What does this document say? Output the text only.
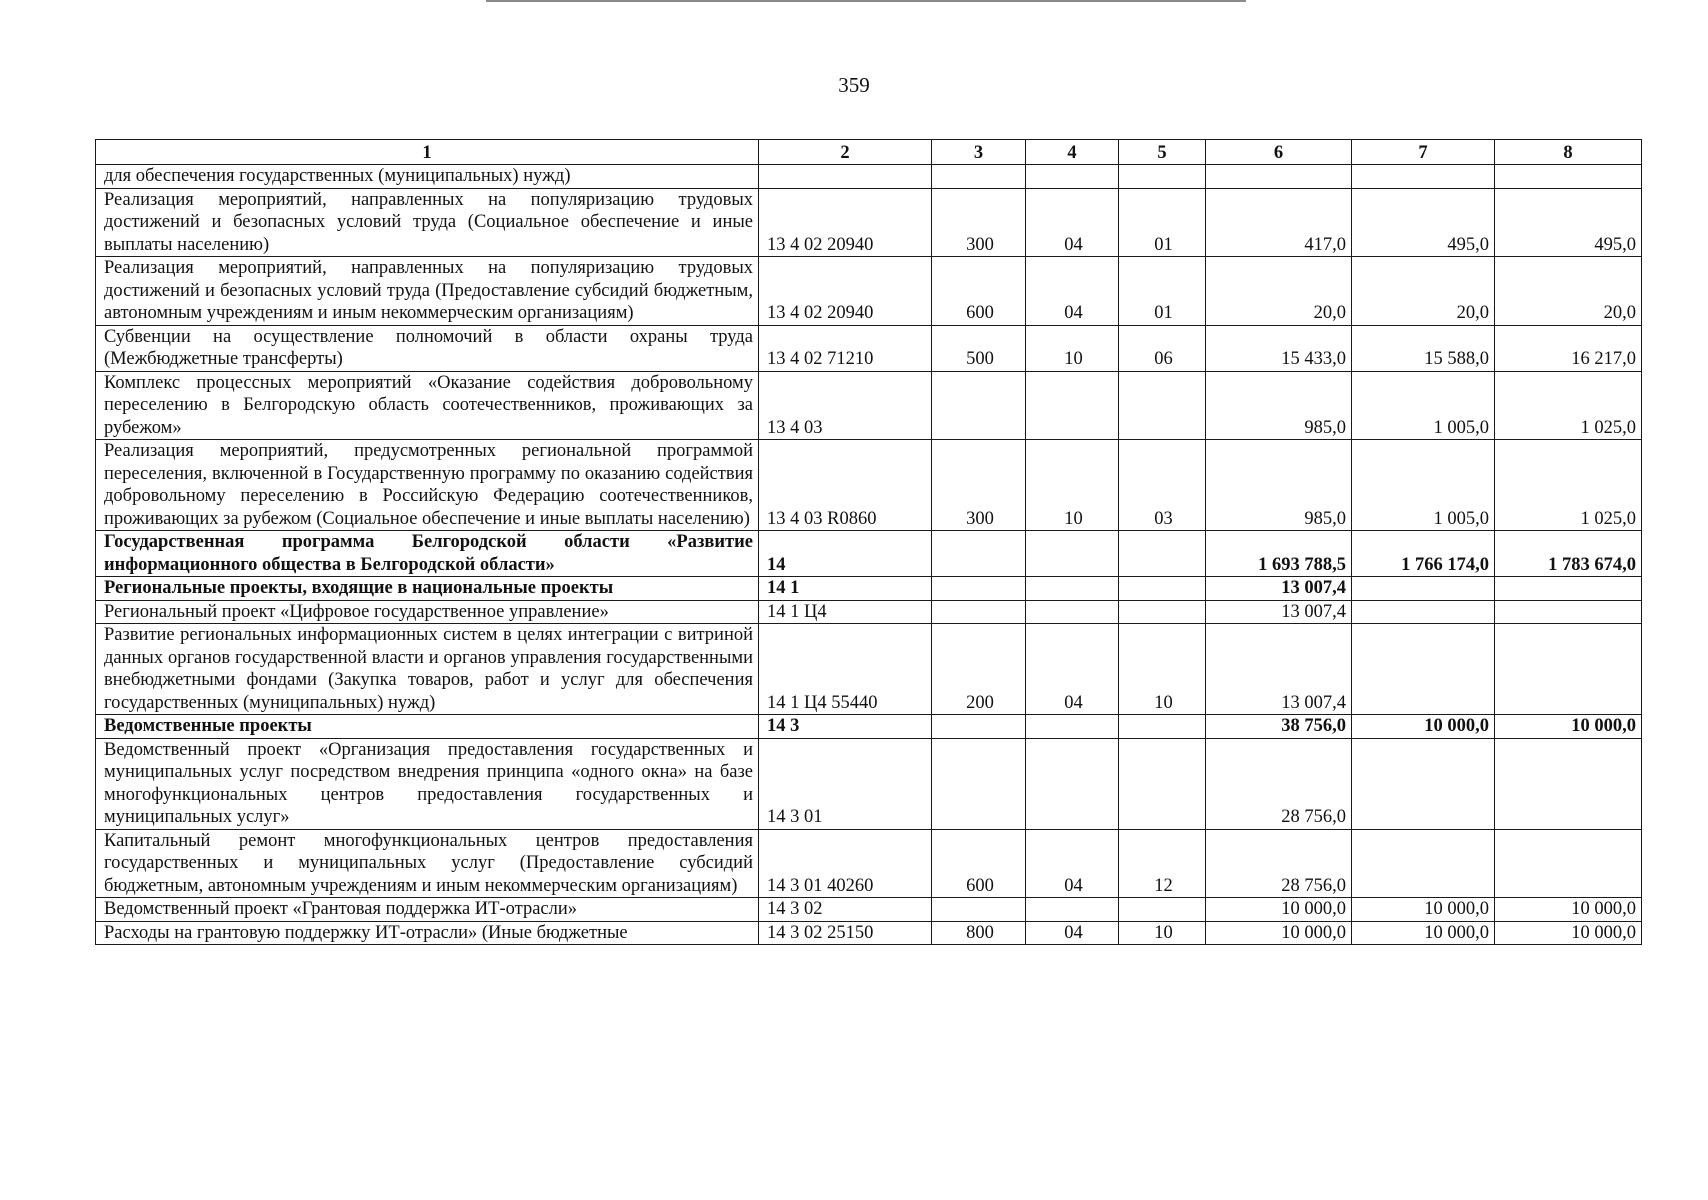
359
1	2	3	4	5	6	7	8
для обеспечения государственных (муниципальных) нужд)							
Реализация мероприятий, направленных на популяризацию трудовых достижений и безопасных условий труда (Социальное обеспечение и иные выплаты населению)	13 4 02 20940	300	04	01	417,0	495,0	495,0
Реализация мероприятий, направленных на популяризацию трудовых достижений и безопасных условий труда (Предоставление субсидий бюджетным, автономным учреждениям и иным некоммерческим организациям)	13 4 02 20940	600	04	01	20,0	20,0	20,0
Субвенции на осуществление полномочий в области охраны труда (Межбюджетные трансферты)	13 4 02 71210	500	10	06	15 433,0	15 588,0	16 217,0
Комплекс процессных мероприятий «Оказание содействия добровольному переселению в Белгородскую область соотечественников, проживающих за рубежом»	13 4 03				985,0	1 005,0	1 025,0
Реализация мероприятий, предусмотренных региональной программой переселения, включенной в Государственную программу по оказанию содействия добровольному переселению в Российскую Федерацию соотечественников, проживающих за рубежом (Социальное обеспечение и иные выплаты населению)	13 4 03 R0860	300	10	03	985,0	1 005,0	1 025,0
Государственная программа Белгородской области «Развитие информационного общества в Белгородской области»	14				1 693 788,5	1 766 174,0	1 783 674,0
Региональные проекты, входящие в национальные проекты	14 1				13 007,4		
Региональный проект «Цифровое государственное управление»	14 1 Ц4				13 007,4		
Развитие региональных информационных систем в целях интеграции с витриной данных органов государственной власти и органов управления государственными внебюджетными фондами (Закупка товаров, работ и услуг для обеспечения государственных (муниципальных) нужд)	14 1 Ц4 55440	200	04	10	13 007,4		
Ведомственные проекты	14 3				38 756,0	10 000,0	10 000,0
Ведомственный проект «Организация предоставления государственных и муниципальных услуг посредством внедрения принципа «одного окна» на базе многофункциональных центров предоставления государственных и муниципальных услуг»	14 3 01				28 756,0		
Капитальный ремонт многофункциональных центров предоставления государственных и муниципальных услуг (Предоставление субсидий бюджетным, автономным учреждениям и иным некоммерческим организациям)	14 3 01 40260	600	04	12	28 756,0		
Ведомственный проект «Грантовая поддержка ИТ-отрасли»	14 3 02				10 000,0	10 000,0	10 000,0
Расходы на грантовую поддержку ИТ-отрасли» (Иные бюджетные	14 3 02 25150	800	04	10	10 000,0	10 000,0	10 000,0
